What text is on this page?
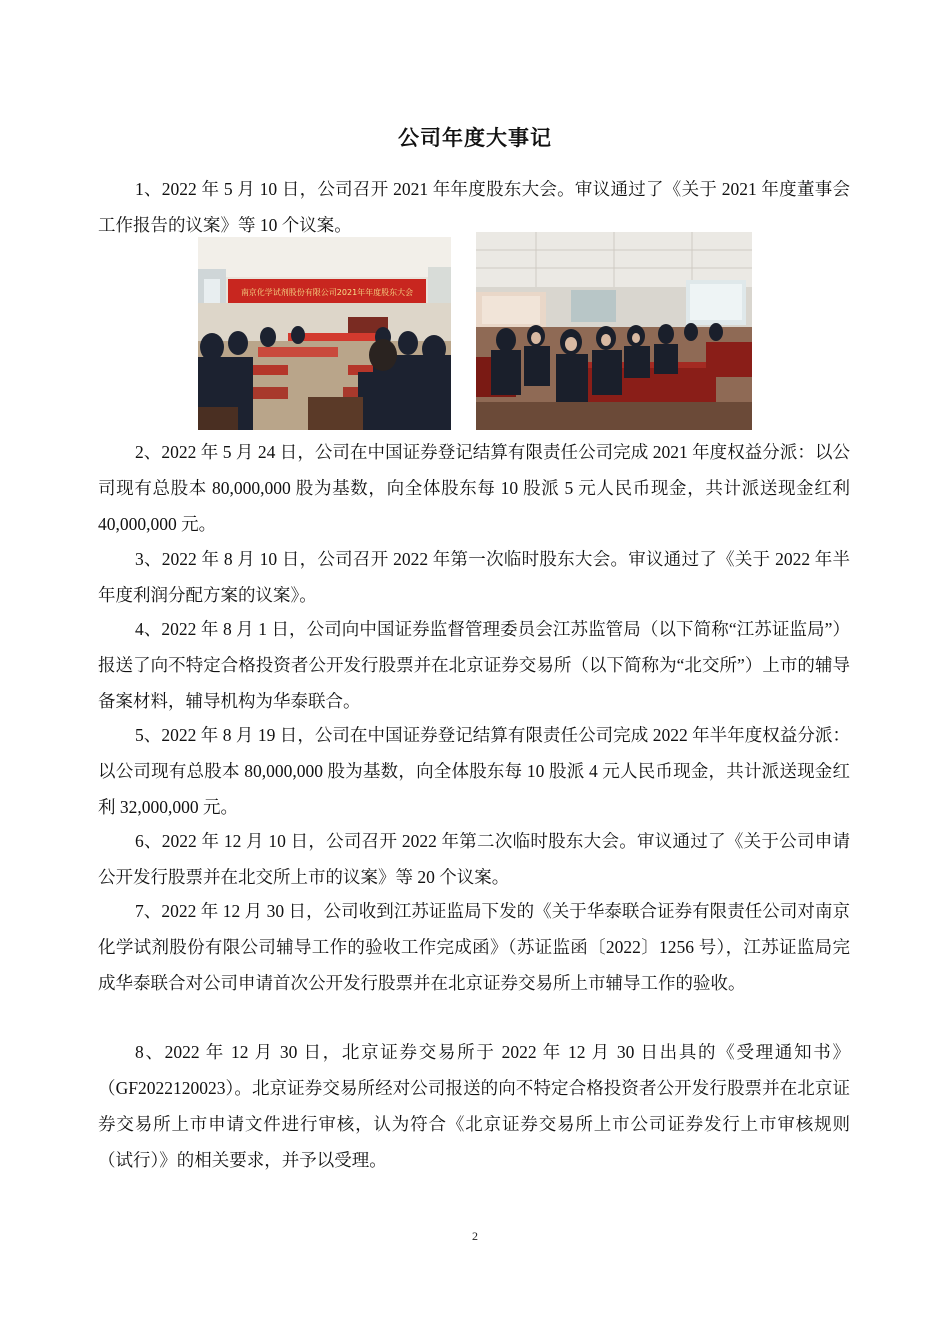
公司年度大事记

1、2022 年 5 月 10 日，公司召开 2021 年年度股东大会。审议通过了《关于 2021 年度董事会工作报告的议案》等 10 个议案。

南京化学试剂股份有限公司2021年年度股东大会

2、2022 年 5 月 24 日，公司在中国证券登记结算有限责任公司完成 2021 年度权益分派：以公司现有总股本 80,000,000 股为基数，向全体股东每 10 股派 5 元人民币现金，共计派送现金红利 40,000,000 元。

3、2022 年 8 月 10 日，公司召开 2022 年第一次临时股东大会。审议通过了《关于 2022 年半年度利润分配方案的议案》。

4、2022 年 8 月 1 日，公司向中国证券监督管理委员会江苏监管局（以下简称“江苏证监局”）报送了向不特定合格投资者公开发行股票并在北京证券交易所（以下简称为“北交所”）上市的辅导备案材料，辅导机构为华泰联合。

5、2022 年 8 月 19 日，公司在中国证券登记结算有限责任公司完成 2022 年半年度权益分派：以公司现有总股本 80,000,000 股为基数，向全体股东每 10 股派 4 元人民币现金，共计派送现金红利 32,000,000 元。

6、2022 年 12 月 10 日，公司召开 2022 年第二次临时股东大会。审议通过了《关于公司申请公开发行股票并在北交所上市的议案》等 20 个议案。

7、2022 年 12 月 30 日，公司收到江苏证监局下发的《关于华泰联合证券有限责任公司对南京化学试剂股份有限公司辅导工作的验收工作完成函》（苏证监函〔2022〕1256 号），江苏证监局完成华泰联合对公司申请首次公开发行股票并在北京证券交易所上市辅导工作的验收。

8、2022 年 12 月 30 日，北京证券交易所于 2022 年 12 月 30 日出具的《受理通知书》（GF2022120023）。北京证券交易所经对公司报送的向不特定合格投资者公开发行股票并在北京证券交易所上市申请文件进行审核，认为符合《北京证券交易所上市公司证券发行上市审核规则（试行）》的相关要求，并予以受理。

2
